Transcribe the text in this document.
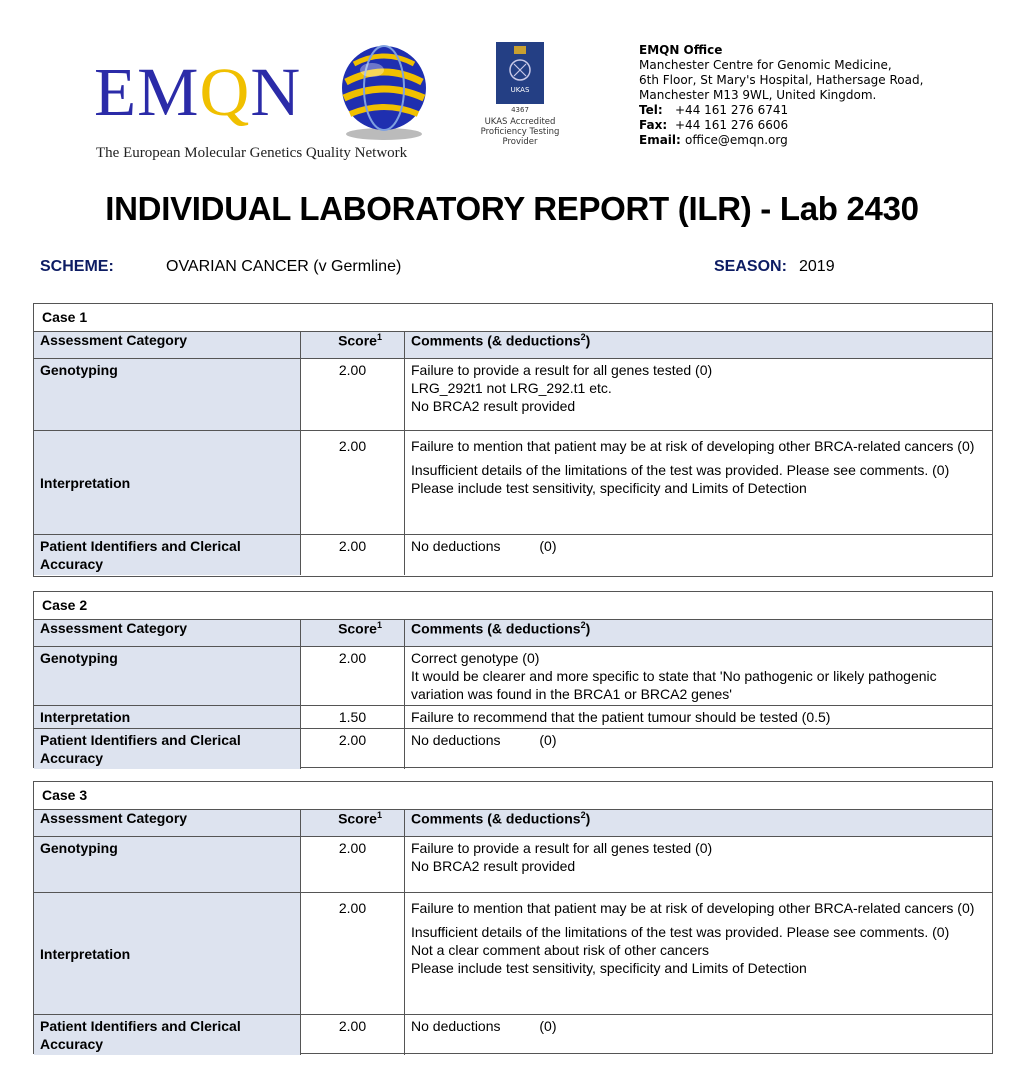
EMQN
The European Molecular Genetics Quality Network
UKAS
4367
UKAS Accredited Proficiency Testing Provider
EMQN Office
Manchester Centre for Genomic Medicine,
6th Floor, St Mary's Hospital, Hathersage Road,
Manchester M13 9WL, United Kingdom.
Tel:	+44 161 276 6741
Fax: +44 161 276 6606
Email: office@emqn.org
INDIVIDUAL LABORATORY REPORT (ILR) - Lab 2430
SCHEME:	OVARIAN CANCER (v Germline)	SEASON: 2019
Case 1
Assessment Category	Score$^1$	Comments (& deductions$^2$)
Genotyping	2.00	Failure to provide a result for all genes tested (0)
LRG_292t1 not LRG_292.t1 etc.
No BRCA2 result provided

Interpretation	2.00	Failure to mention that patient may be at risk of developing other BRCA-related cancers (0)
Insufficient details of the limitations of the test was provided. Please see comments. (0)
Please include test sensitivity, specificity and Limits of Detection

Patient Identifiers and Clerical Accuracy	2.00	No deductions          (0)
Case 2
Assessment Category	Score$^1$	Comments (& deductions$^2$)
Genotyping	2.00	Correct genotype (0)
It would be clearer and more specific to state that 'No pathogenic or likely pathogenic variation was found in the BRCA1 or BRCA2 genes'

Interpretation	1.50	Failure to recommend that the patient tumour should be tested (0.5)
Patient Identifiers and Clerical Accuracy	2.00	No deductions          (0)
Case 3
Assessment Category	Score$^1$	Comments (& deductions$^2$)
Genotyping	2.00	Failure to provide a result for all genes tested (0)
No BRCA2 result provided

Interpretation	2.00	Failure to mention that patient may be at risk of developing other BRCA-related cancers (0)
Insufficient details of the limitations of the test was provided. Please see comments. (0)
Not a clear comment about risk of other cancers
Please include test sensitivity, specificity and Limits of Detection

Patient Identifiers and Clerical Accuracy	2.00	No deductions          (0)
